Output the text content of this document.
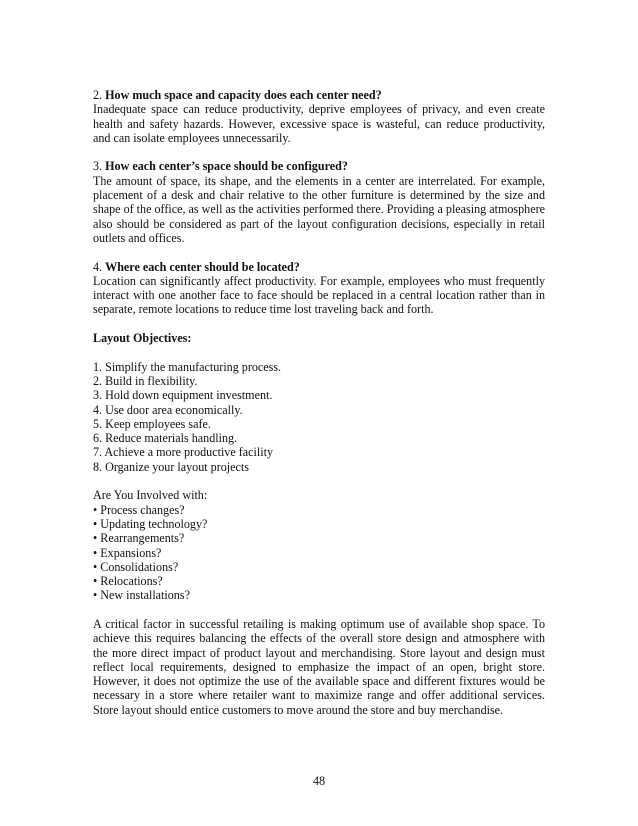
2. How much space and capacity does each center need?

Inadequate space can reduce productivity, deprive employees of privacy, and even create health and safety hazards. However, excessive space is wasteful, can reduce productivity, and can isolate employees unnecessarily.

3. How each center’s space should be configured?

The amount of space, its shape, and the elements in a center are interrelated. For example, placement of a desk and chair relative to the other furniture is determined by the size and shape of the office, as well as the activities performed there. Providing a pleasing atmosphere also should be considered as part of the layout configuration decisions, especially in retail outlets and offices.

4. Where each center should be located?

Location can significantly affect productivity. For example, employees who must frequently interact with one another face to face should be replaced in a central location rather than in separate, remote locations to reduce time lost traveling back and forth.

Layout Objectives:

1. Simplify the manufacturing process.
2. Build in flexibility.
3. Hold down equipment investment.
4. Use door area economically.
5. Keep employees safe.
6. Reduce materials handling.
7. Achieve a more productive facility
8. Organize your layout projects

Are You Involved with:

• Process changes?
• Updating technology?
• Rearrangements?
• Expansions?
• Consolidations?
• Relocations?
• New installations?

A critical factor in successful retailing is making optimum use of available shop space. To achieve this requires balancing the effects of the overall store design and atmosphere with the more direct impact of product layout and merchandising. Store layout and design must reflect local requirements, designed to emphasize the impact of an open, bright store. However, it does not optimize the use of the available space and different fixtures would be necessary in a store where retailer want to maximize range and offer additional services. Store layout should entice customers to move around the store and buy merchandise.

48
